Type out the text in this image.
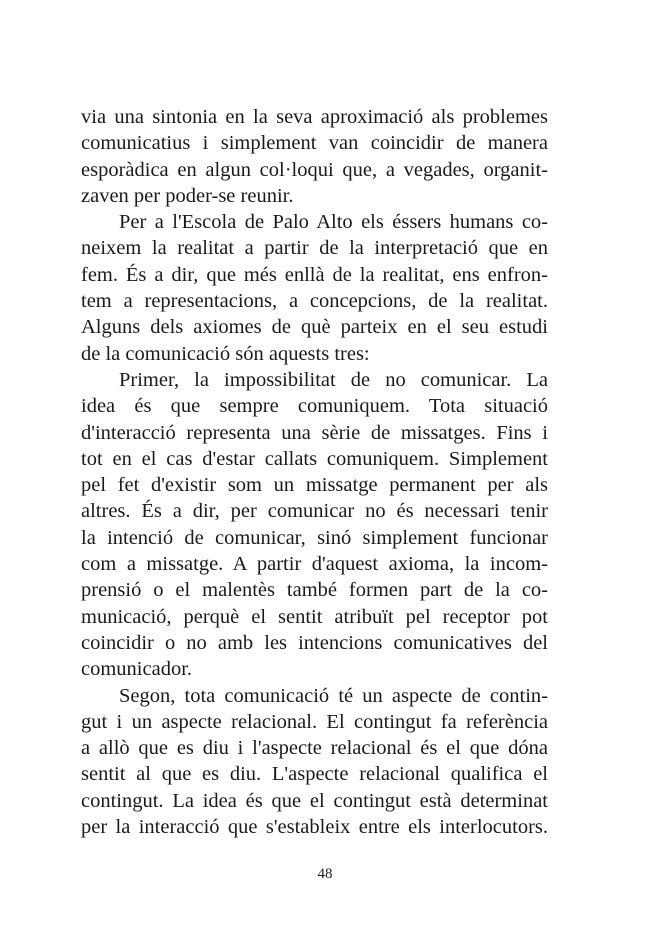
via una sintonia en la seva aproximació als problemes
comunicatius i simplement van coincidir de manera
esporàdica en algun col·loqui que, a vegades, organit-
zaven per poder-se reunir.
Per a l'Escola de Palo Alto els éssers humans co-
neixem la realitat a partir de la interpretació que en
fem. És a dir, que més enllà de la realitat, ens enfron-
tem a representacions, a concepcions, de la realitat.
Alguns dels axiomes de què parteix en el seu estudi
de la comunicació són aquests tres:
Primer, la impossibilitat de no comunicar. La
idea és que sempre comuniquem. Tota situació
d'interacció representa una sèrie de missatges. Fins i
tot en el cas d'estar callats comuniquem. Simplement
pel fet d'existir som un missatge permanent per als
altres. És a dir, per comunicar no és necessari tenir
la intenció de comunicar, sinó simplement funcionar
com a missatge. A partir d'aquest axioma, la incom-
prensió o el malentès també formen part de la co-
municació, perquè el sentit atribuït pel receptor pot
coincidir o no amb les intencions comunicatives del
comunicador.
Segon, tota comunicació té un aspecte de contin-
gut i un aspecte relacional. El contingut fa referència
a allò que es diu i l'aspecte relacional és el que dóna
sentit al que es diu. L'aspecte relacional qualifica el
contingut. La idea és que el contingut està determinat
per la interacció que s'estableix entre els interlocutors.
48
